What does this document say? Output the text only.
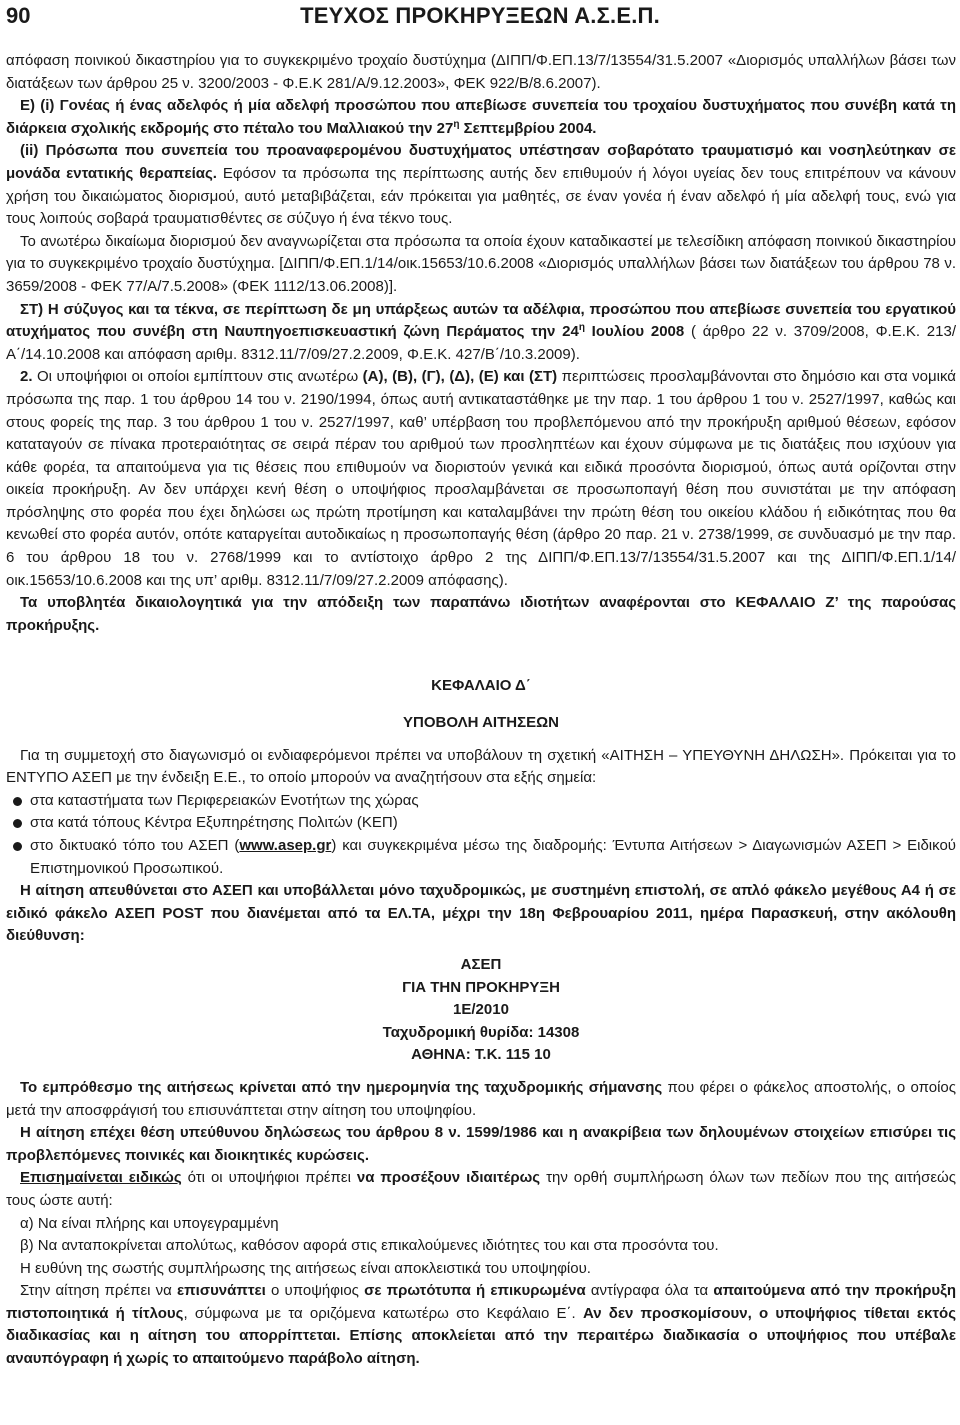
90	ΤΕΥΧΟΣ ΠΡΟΚΗΡΥΞΕΩΝ Α.Σ.Ε.Π.

απόφαση ποινικού δικαστηρίου για το συγκεκριμένο τροχαίο δυστύχημα (ΔΙΠΠ/Φ.ΕΠ.13/7/13554/31.5.2007 «Διορισμός υπαλλήλων βάσει των διατάξεων των άρθρου 25 ν. 3200/2003 - Φ.Ε.Κ 281/Α/9.12.2003», ΦΕΚ 922/Β/8.6.2007).

Ε) (i) Γονέας ή ένας αδελφός ή μία αδελφή προσώπου που απεβίωσε συνεπεία του τροχαίου δυστυχήματος που συνέβη κατά τη διάρκεια σχολικής εκδρομής στο πέταλο του Μαλλιακού την $27^\eta$ Σεπτεμβρίου 2004.

(ii) Πρόσωπα που συνεπεία του προαναφερομένου δυστυχήματος υπέστησαν σοβαρότατο τραυματισμό και νοσηλεύτηκαν σε μονάδα εντατικής θεραπείας. Εφόσον τα πρόσωπα της περίπτωσης αυτής δεν επιθυμούν ή λόγοι υγείας δεν τους επιτρέπουν να κάνουν χρήση του δικαιώματος διορισμού, αυτό μεταβιβάζεται, εάν πρόκειται για μαθητές, σε έναν γονέα ή έναν αδελφό ή μία αδελφή τους, ενώ για τους λοιπούς σοβαρά τραυματισθέντες σε σύζυγο ή ένα τέκνο τους.

Το ανωτέρω δικαίωμα διορισμού δεν αναγνωρίζεται στα πρόσωπα τα οποία έχουν καταδικαστεί με τελεσίδικη απόφαση ποινικού δικαστηρίου για το συγκεκριμένο τροχαίο δυστύχημα. [ΔΙΠΠ/Φ.ΕΠ.1/14/οικ.15653/10.6.2008 «Διορισμός υπαλλήλων βάσει των διατάξεων του άρθρου 78 ν. 3659/2008 - ΦΕΚ 77/Α/7.5.2008» (ΦΕΚ 1112/13.06.2008)].

ΣΤ) Η σύζυγος και τα τέκνα, σε περίπτωση δε μη υπάρξεως αυτών τα αδέλφια, προσώπου που απεβίωσε συνεπεία του εργατικού ατυχήματος που συνέβη στη Ναυπηγοεπισκευαστική ζώνη Περάματος την $24^\eta$ Ιουλίου 2008 ( άρθρο 22 ν. 3709/2008, Φ.Ε.Κ. 213/Α΄/14.10.2008 και απόφαση αριθμ. 8312.11/7/09/27.2.2009, Φ.Ε.Κ. 427/Β΄/10.3.2009).

2. Οι υποψήφιοι οι οποίοι εμπίπτουν στις ανωτέρω (Α), (Β), (Γ), (Δ), (Ε) και (ΣΤ) περιπτώσεις προσλαμβάνονται στο δημόσιο και στα νομικά πρόσωπα της παρ. 1 του άρθρου 14 του ν. 2190/1994, όπως αυτή αντικαταστάθηκε με την παρ. 1 του άρθρου 1 του ν. 2527/1997, καθώς και στους φορείς της παρ. 3 του άρθρου 1 του ν. 2527/1997, καθ’ υπέρβαση του προβλεπόμενου από την προκήρυξη αριθμού θέσεων, εφόσον καταταγούν σε πίνακα προτεραιότητας σε σειρά πέραν του αριθμού των προσληπτέων και έχουν σύμφωνα με τις διατάξεις που ισχύουν για κάθε φορέα, τα απαιτούμενα για τις θέσεις που επιθυμούν να διοριστούν γενικά και ειδικά προσόντα διορισμού, όπως αυτά ορίζονται στην οικεία προκήρυξη. Αν δεν υπάρχει κενή θέση ο υποψήφιος προσλαμβάνεται σε προσωποπαγή θέση που συνιστάται με την απόφαση πρόσληψης στο φορέα που έχει δηλώσει ως πρώτη προτίμηση και καταλαμβάνει την πρώτη θέση του οικείου κλάδου ή ειδικότητας που θα κενωθεί στο φορέα αυτόν, οπότε καταργείται αυτοδικαίως η προσωποπαγής θέση (άρθρο 20 παρ. 21 ν. 2738/1999, σε συνδυασμό με την παρ. 6 του άρθρου 18 του ν. 2768/1999 και το αντίστοιχο άρθρο 2 της ΔΙΠΠ/Φ.ΕΠ.13/7/13554/31.5.2007 και της ΔΙΠΠ/Φ.ΕΠ.1/14/οικ.15653/10.6.2008 και της υπ’ αριθμ. 8312.11/7/09/27.2.2009 απόφασης).

Τα υποβλητέα δικαιολογητικά για την απόδειξη των παραπάνω ιδιοτήτων αναφέρονται στο ΚΕΦΑΛΑΙΟ Ζ’ της παρούσας προκήρυξης.

ΚΕΦΑΛΑΙΟ Δ΄

ΥΠΟΒΟΛΗ ΑΙΤΗΣΕΩΝ

Για τη συμμετοχή στο διαγωνισμό οι ενδιαφερόμενοι πρέπει να υποβάλουν τη σχετική «ΑΙΤΗΣΗ – ΥΠΕΥΘΥΝΗ ΔΗΛΩΣΗ». Πρόκειται για το ΕΝΤΥΠΟ ΑΣΕΠ με την ένδειξη Ε.Ε., το οποίο μπορούν να αναζητήσουν στα εξής σημεία:

στα καταστήματα των Περιφερειακών Ενοτήτων της χώρας
στα κατά τόπους Κέντρα Εξυπηρέτησης Πολιτών (ΚΕΠ)
στο δικτυακό τόπο του ΑΣΕΠ (www.asep.gr) και συγκεκριμένα μέσω της διαδρομής: Έντυπα Αιτήσεων > Διαγωνισμών ΑΣΕΠ > Ειδικού Επιστημονικού Προσωπικού.

Η αίτηση απευθύνεται στο ΑΣΕΠ και υποβάλλεται μόνο ταχυδρομικώς, με συστημένη επιστολή, σε απλό φάκελο μεγέθους Α4 ή σε ειδικό φάκελο ΑΣΕΠ POST που διανέμεται από τα ΕΛ.ΤΑ, μέχρι την 18η Φεβρουαρίου 2011, ημέρα Παρασκευή, στην ακόλουθη διεύθυνση:

ΑΣΕΠ
ΓΙΑ ΤΗΝ ΠΡΟΚΗΡΥΞΗ
1Ε/2010
Ταχυδρομική θυρίδα: 14308
ΑΘΗΝΑ: Τ.Κ. 115 10

Το εμπρόθεσμο της αιτήσεως κρίνεται από την ημερομηνία της ταχυδρομικής σήμανσης που φέρει ο φάκελος αποστολής, ο οποίος μετά την αποσφράγισή του επισυνάπτεται στην αίτηση του υποψηφίου.

Η αίτηση επέχει θέση υπεύθυνου δηλώσεως του άρθρου 8 ν. 1599/1986 και η ανακρίβεια των δηλουμένων στοιχείων επισύρει τις προβλεπόμενες ποινικές και διοικητικές κυρώσεις.

Επισημαίνεται ειδικώς ότι οι υποψήφιοι πρέπει να προσέξουν ιδιαιτέρως την ορθή συμπλήρωση όλων των πεδίων που της αιτήσεώς τους ώστε αυτή:

α) Να είναι πλήρης και υπογεγραμμένη

β) Να ανταποκρίνεται απολύτως, καθόσον αφορά στις επικαλούμενες ιδιότητες του και στα προσόντα του.

Η ευθύνη της σωστής συμπλήρωσης της αιτήσεως είναι αποκλειστικά του υποψηφίου.

Στην αίτηση πρέπει να επισυνάπτει ο υποψήφιος σε πρωτότυπα ή επικυρωμένα αντίγραφα όλα τα απαιτούμενα από την προκήρυξη πιστοποιητικά ή τίτλους, σύμφωνα με τα οριζόμενα κατωτέρω στο Κεφάλαιο Ε΄. Αν δεν προσκομίσουν, ο υποψήφιος τίθεται εκτός διαδικασίας και η αίτηση του απορρίπτεται. Επίσης αποκλείεται από την περαιτέρω διαδικασία ο υποψήφιος που υπέβαλε αναυπόγραφη ή χωρίς το απαιτούμενο παράβολο αίτηση.
